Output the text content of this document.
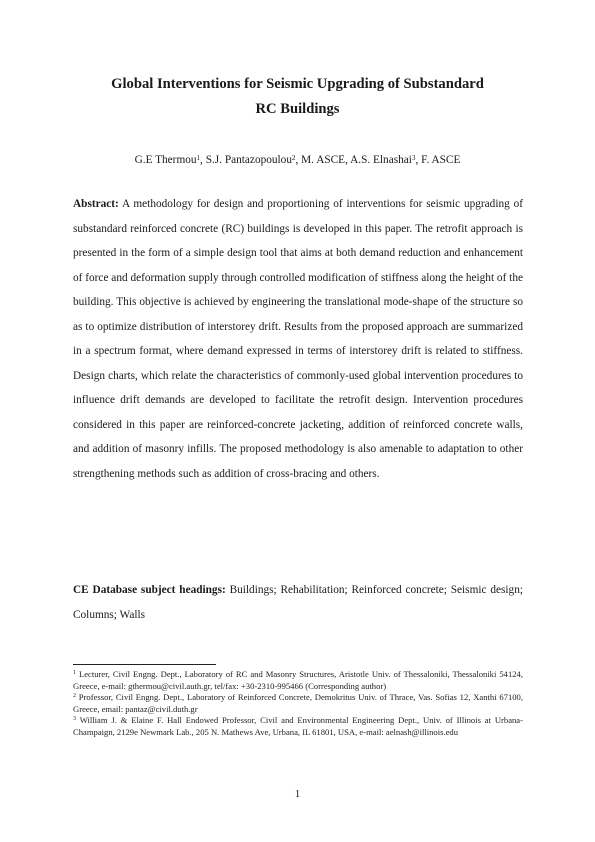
Global Interventions for Seismic Upgrading of Substandard
RC Buildings
G.E Thermou$^1$, S.J. Pantazopoulou$^2$, M. ASCE, A.S. Elnashai$^3$, F. ASCE
Abstract: A methodology for design and proportioning of interventions for seismic upgrading of substandard reinforced concrete (RC) buildings is developed in this paper. The retrofit approach is presented in the form of a simple design tool that aims at both demand reduction and enhancement of force and deformation supply through controlled modification of stiffness along the height of the building. This objective is achieved by engineering the translational mode-shape of the structure so as to optimize distribution of interstorey drift. Results from the proposed approach are summarized in a spectrum format, where demand expressed in terms of interstorey drift is related to stiffness. Design charts, which relate the characteristics of commonly-used global intervention procedures to influence drift demands are developed to facilitate the retrofit design. Intervention procedures considered in this paper are reinforced-concrete jacketing, addition of reinforced concrete walls, and addition of masonry infills. The proposed methodology is also amenable to adaptation to other strengthening methods such as addition of cross-bracing and others.
CE Database subject headings: Buildings; Rehabilitation; Reinforced concrete; Seismic design; Columns; Walls

$^1$ Lecturer, Civil Engng. Dept., Laboratory of RC and Masonry Structures, Aristotle Univ. of Thessaloniki, Thessaloniki 54124, Greece, e-mail: gthermou@civil.auth.gr, tel/fax: +30-2310-995466 (Corresponding author)

$^2$ Professor, Civil Engng. Dept., Laboratory of Reinforced Concrete, Demokritus Univ. of Thrace, Vas. Sofias 12, Xanthi 67100, Greece, email: pantaz@civil.duth.gr

$^3$ William J. & Elaine F. Hall Endowed Professor, Civil and Environmental Engineering Dept., Univ. of Illinois at Urbana-Champaign, 2129e Newmark Lab., 205 N. Mathews Ave, Urbana, IL 61801, USA, e-mail: aelnash@illinois.edu

1
